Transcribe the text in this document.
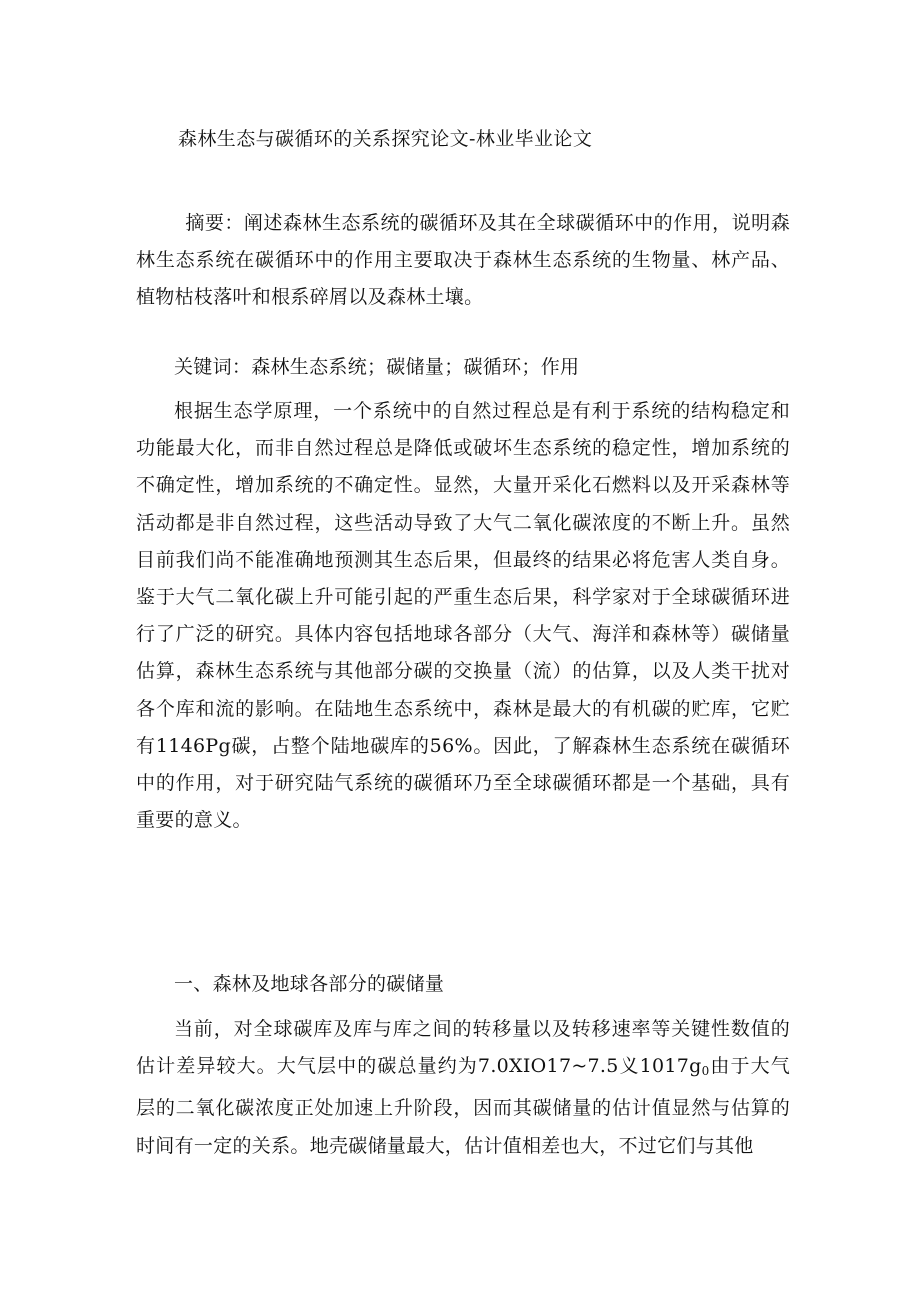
森林生态与碳循环的关系探究论文-林业毕业论文

摘要：阐述森林生态系统的碳循环及其在全球碳循环中的作用，说明森林生态系统在碳循环中的作用主要取决于森林生态系统的生物量、林产品、植物枯枝落叶和根系碎屑以及森林土壤。

关键词：森林生态系统；碳储量；碳循环；作用

根据生态学原理，一个系统中的自然过程总是有利于系统的结构稳定和功能最大化，而非自然过程总是降低或破坏生态系统的稳定性，增加系统的不确定性，增加系统的不确定性。显然，大量开采化石燃料以及开采森林等活动都是非自然过程，这些活动导致了大气二氧化碳浓度的不断上升。虽然目前我们尚不能准确地预测其生态后果，但最终的结果必将危害人类自身。鉴于大气二氧化碳上升可能引起的严重生态后果，科学家对于全球碳循环进行了广泛的研究。具体内容包括地球各部分（大气、海洋和森林等）碳储量估算，森林生态系统与其他部分碳的交换量（流）的估算，以及人类干扰对各个库和流的影响。在陆地生态系统中，森林是最大的有机碳的贮库，它贮有1146Pg碳，占整个陆地碳库的56%。因此，了解森林生态系统在碳循环中的作用，对于研究陆气系统的碳循环乃至全球碳循环都是一个基础，具有重要的意义。

一、森林及地球各部分的碳储量

当前，对全球碳库及库与库之间的转移量以及转移速率等关键性数值的估计差异较大。大气层中的碳总量约为7.0XIO17~7.5义$1017g_0$由于大气层的二氧化碳浓度正处加速上升阶段，因而其碳储量的估计值显然与估算的时间有一定的关系。地壳碳储量最大，估计值相差也大，不过它们与其他
